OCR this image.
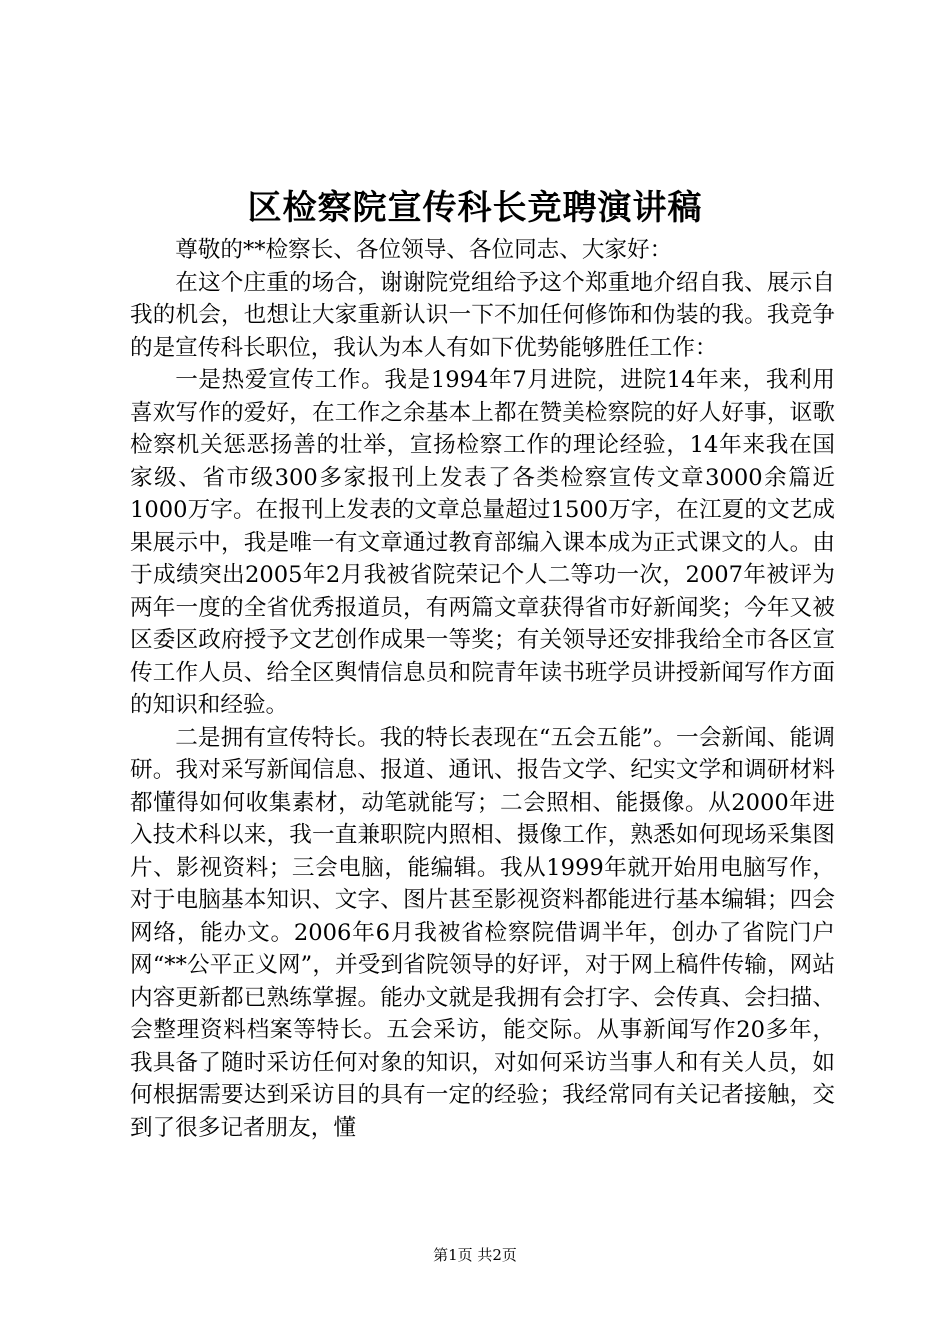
区检察院宣传科长竞聘演讲稿

尊敬的**检察长、各位领导、各位同志、大家好：

在这个庄重的场合，谢谢院党组给予这个郑重地介绍自我、展示自我的机会，也想让大家重新认识一下不加任何修饰和伪装的我。我竞争的是宣传科长职位，我认为本人有如下优势能够胜任工作：

一是热爱宣传工作。我是1994年7月进院，进院14年来，我利用喜欢写作的爱好，在工作之余基本上都在赞美检察院的好人好事，讴歌检察机关惩恶扬善的壮举，宣扬检察工作的理论经验，14年来我在国家级、省市级300多家报刊上发表了各类检察宣传文章3000余篇近1000万字。在报刊上发表的文章总量超过1500万字，在江夏的文艺成果展示中，我是唯一有文章通过教育部编入课本成为正式课文的人。由于成绩突出2005年2月我被省院荣记个人二等功一次，2007年被评为两年一度的全省优秀报道员，有两篇文章获得省市好新闻奖；今年又被区委区政府授予文艺创作成果一等奖；有关领导还安排我给全市各区宣传工作人员、给全区舆情信息员和院青年读书班学员讲授新闻写作方面的知识和经验。

二是拥有宣传特长。我的特长表现在“五会五能”。一会新闻、能调研。我对采写新闻信息、报道、通讯、报告文学、纪实文学和调研材料都懂得如何收集素材，动笔就能写；二会照相、能摄像。从2000年进入技术科以来，我一直兼职院内照相、摄像工作，熟悉如何现场采集图片、影视资料；三会电脑，能编辑。我从1999年就开始用电脑写作，对于电脑基本知识、文字、图片甚至影视资料都能进行基本编辑；四会网络，能办文。2006年6月我被省检察院借调半年，创办了省院门户网“**公平正义网”，并受到省院领导的好评，对于网上稿件传输，网站内容更新都已熟练掌握。能办文就是我拥有会打字、会传真、会扫描、会整理资料档案等特长。五会采访，能交际。从事新闻写作20多年，我具备了随时采访任何对象的知识，对如何采访当事人和有关人员，如何根据需要达到采访目的具有一定的经验；我经常同有关记者接触，交到了很多记者朋友，懂

第1页 共2页
